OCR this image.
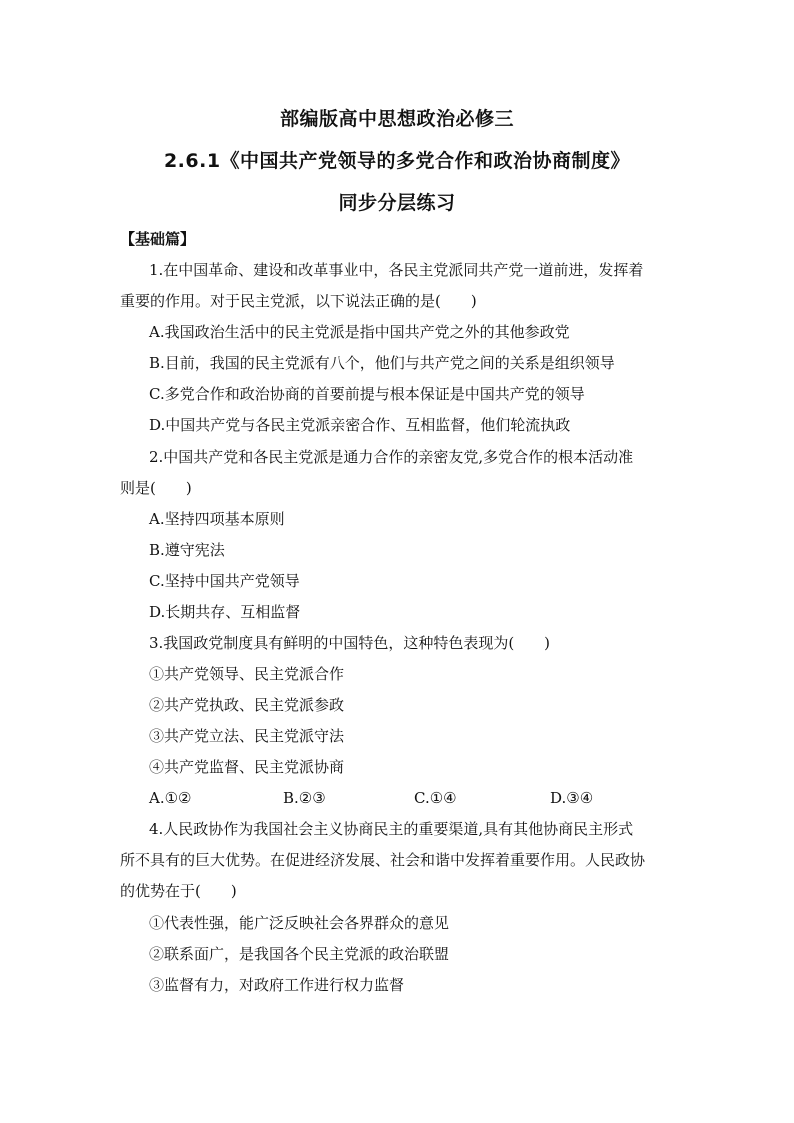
部编版高中思想政治必修三
2.6.1《中国共产党领导的多党合作和政治协商制度》
同步分层练习
【基础篇】
1.在中国革命、建设和改革事业中，各民主党派同共产党一道前进，发挥着
重要的作用。对于民主党派，以下说法正确的是(　　)
A.我国政治生活中的民主党派是指中国共产党之外的其他参政党
B.目前，我国的民主党派有八个，他们与共产党之间的关系是组织领导
C.多党合作和政治协商的首要前提与根本保证是中国共产党的领导
D.中国共产党与各民主党派亲密合作、互相监督，他们轮流执政
2.中国共产党和各民主党派是通力合作的亲密友党,多党合作的根本活动准
则是(　　)
A.坚持四项基本原则
B.遵守宪法
C.坚持中国共产党领导
D.长期共存、互相监督
3.我国政党制度具有鲜明的中国特色，这种特色表现为(　　)
①共产党领导、民主党派合作
②共产党执政、民主党派参政
③共产党立法、民主党派守法
④共产党监督、民主党派协商
A.①②	B.②③	C.①④	D.③④
4.人民政协作为我国社会主义协商民主的重要渠道,具有其他协商民主形式
所不具有的巨大优势。在促进经济发展、社会和谐中发挥着重要作用。人民政协
的优势在于(　　)
①代表性强，能广泛反映社会各界群众的意见
②联系面广，是我国各个民主党派的政治联盟
③监督有力，对政府工作进行权力监督
